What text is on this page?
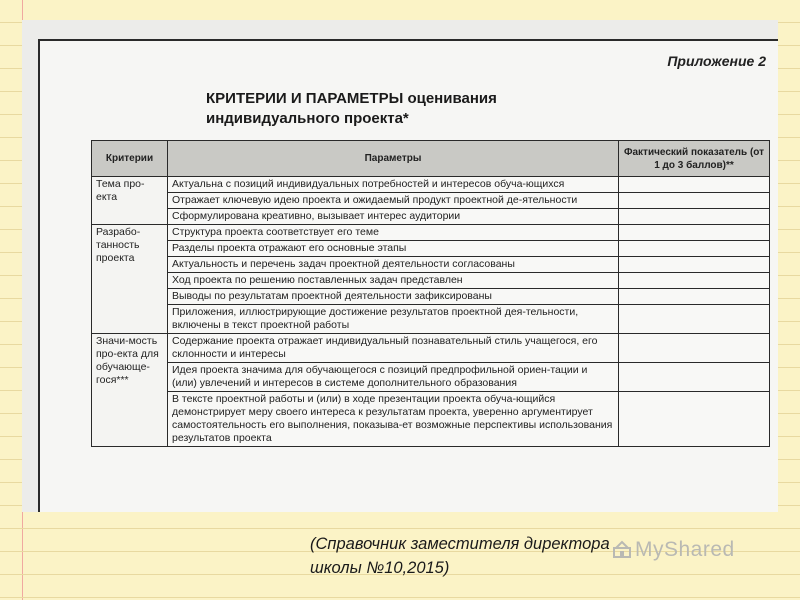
Приложение 2
КРИТЕРИИ И ПАРАМЕТРЫ оценивания
индивидуального проекта*
Критерии	Параметры	Фактический показатель (от 1 до 3 баллов)**
Тема про-екта	Актуальна с позиций индивидуальных потребностей и интересов обуча-ющихся	
	Отражает ключевую идею проекта и ожидаемый продукт проектной де-ятельности	
	Сформулирована креативно, вызывает интерес аудитории	
Разрабо-танность проекта	Структура проекта соответствует его теме	
	Разделы проекта отражают его основные этапы	
	Актуальность и перечень задач проектной деятельности согласованы	
	Ход проекта по решению поставленных задач представлен	
	Выводы по результатам проектной деятельности зафиксированы	
	Приложения, иллюстрирующие достижение результатов проектной дея-тельности, включены в текст проектной работы	
Значи-мость про-екта для обучающе-гося***	Содержание проекта отражает индивидуальный познавательный стиль учащегося, его склонности и интересы	
	Идея проекта значима для обучающегося с позиций предпрофильной ориен-тации и (или) увлечений и интересов в системе дополнительного образования	
	В тексте проектной работы и (или) в ходе презентации проекта обуча-ющийся демонстрирует меру своего интереса к результатам проекта, уверенно аргументирует самостоятельность его выполнения, показыва-ет возможные перспективы использования результатов проекта	
(Справочник заместителя директора
школы №10,2015)
MyShared
